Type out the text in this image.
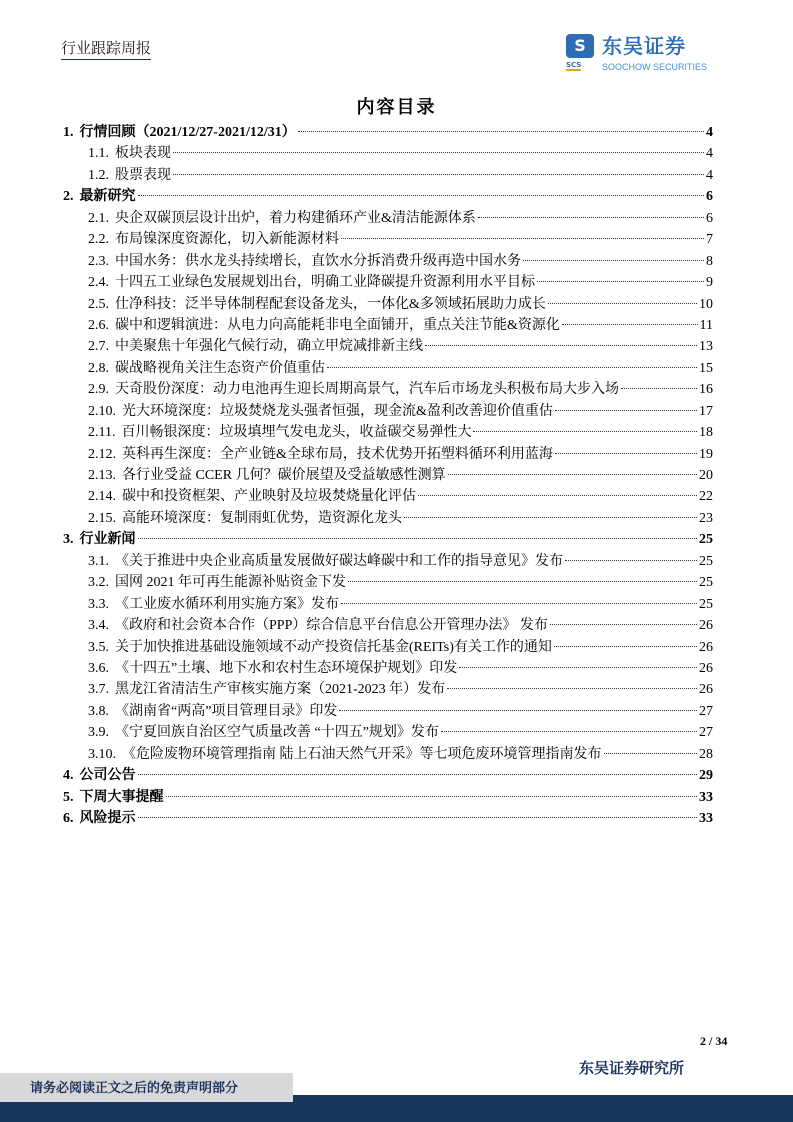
行业跟踪周报	S
SCS
东吴证券
SOOCHOW SECURITIES
内容目录
1. 行情回顾（2021/12/27-2021/12/31）	4
1.1. 板块表现	4
1.2. 股票表现	4
2. 最新研究	6
2.1. 央企双碳顶层设计出炉，着力构建循环产业&清洁能源体系	6
2.2. 布局镍深度资源化，切入新能源材料	7
2.3. 中国水务：供水龙头持续增长，直饮水分拆消费升级再造中国水务	8
2.4. 十四五工业绿色发展规划出台，明确工业降碳提升资源利用水平目标	9
2.5. 仕净科技：泛半导体制程配套设备龙头，一体化&多领域拓展助力成长	10
2.6. 碳中和逻辑演进：从电力向高能耗非电全面铺开，重点关注节能&资源化	11
2.7. 中美聚焦十年强化气候行动，确立甲烷减排新主线	13
2.8. 碳战略视角关注生态资产价值重估	15
2.9. 天奇股份深度：动力电池再生迎长周期高景气，汽车后市场龙头积极布局大步入场	16
2.10. 光大环境深度：垃圾焚烧龙头强者恒强，现金流&盈利改善迎价值重估	17
2.11. 百川畅银深度：垃圾填埋气发电龙头，收益碳交易弹性大	18
2.12. 英科再生深度：全产业链&全球布局，技术优势开拓塑料循环利用蓝海	19
2.13. 各行业受益 CCER 几何？碳价展望及受益敏感性测算	20
2.14. 碳中和投资框架、产业映射及垃圾焚烧量化评估	22
2.15. 高能环境深度：复制雨虹优势，造资源化龙头	23
3. 行业新闻	25
3.1. 《关于推进中央企业高质量发展做好碳达峰碳中和工作的指导意见》发布	25
3.2. 国网 2021 年可再生能源补贴资金下发	25
3.3. 《工业废水循环利用实施方案》发布	25
3.4. 《政府和社会资本合作（PPP）综合信息平台信息公开管理办法》 发布	26
3.5. 关于加快推进基础设施领域不动产投资信托基金(REITs)有关工作的通知	26
3.6. 《十四五”土壤、地下水和农村生态环境保护规划》印发	26
3.7. 黑龙江省清洁生产审核实施方案（2021-2023 年）发布	26
3.8. 《湖南省“两高”项目管理目录》印发	27
3.9. 《宁夏回族自治区空气质量改善 “十四五”规划》发布	27
3.10. 《危险废物环境管理指南 陆上石油天然气开采》等七项危废环境管理指南发布	28
4. 公司公告	29
5. 下周大事提醒	33
6. 风险提示	33
2 / 34
东吴证券研究所
请务必阅读正文之后的免责声明部分
